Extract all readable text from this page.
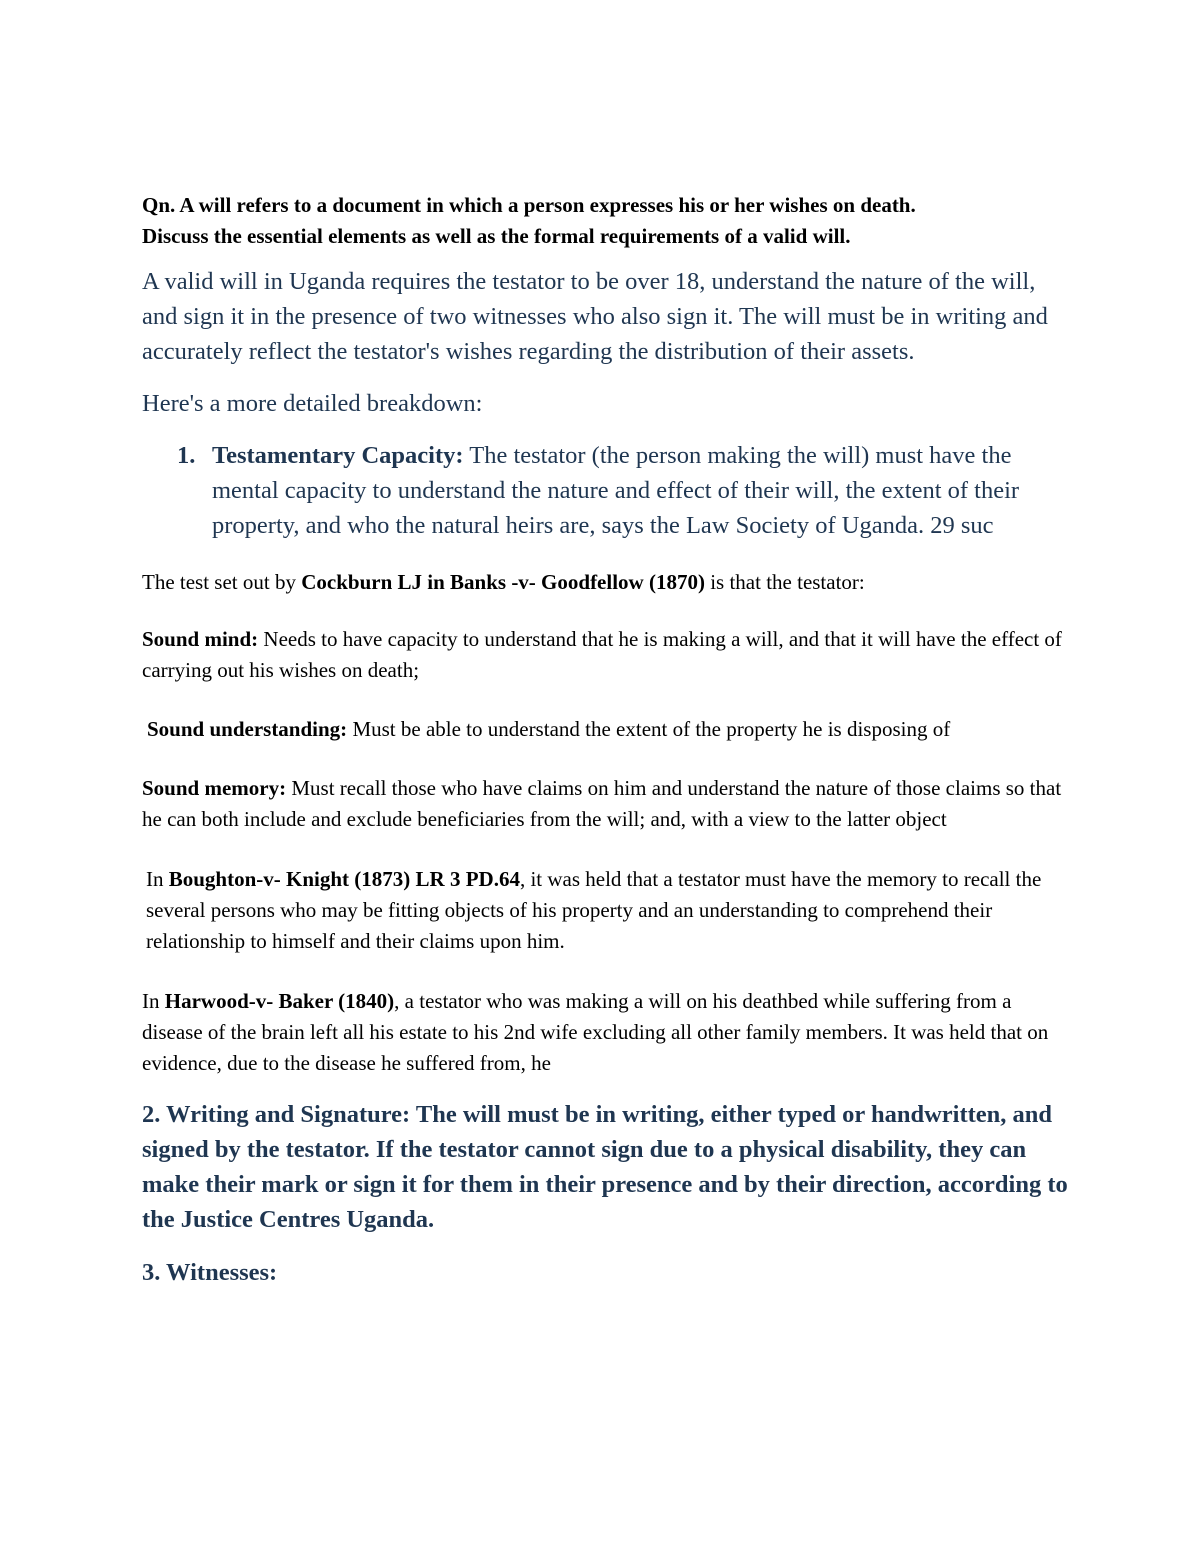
Qn. A will refers to a document in which a person expresses his or her wishes on death.
Discuss the essential elements as well as the formal requirements of a valid will.

A valid will in Uganda requires the testator to be over 18, understand the nature of the will, and sign it in the presence of two witnesses who also sign it. The will must be in writing and accurately reflect the testator's wishes regarding the distribution of their assets.

Here's a more detailed breakdown:

1. Testamentary Capacity: The testator (the person making the will) must have the mental capacity to understand the nature and effect of their will, the extent of their property, and who the natural heirs are, says the Law Society of Uganda. 29 suc

The test set out by Cockburn LJ in Banks -v- Goodfellow (1870) is that the testator:

Sound mind: Needs to have capacity to understand that he is making a will, and that it will have the effect of carrying out his wishes on death;

Sound understanding: Must be able to understand the extent of the property he is disposing of

Sound memory: Must recall those who have claims on him and understand the nature of those claims so that he can both include and exclude beneficiaries from the will; and, with a view to the latter object

In Boughton-v- Knight (1873) LR 3 PD.64, it was held that a testator must have the memory to recall the several persons who may be fitting objects of his property and an understanding to comprehend their relationship to himself and their claims upon him.

In Harwood-v- Baker (1840), a testator who was making a will on his deathbed while suffering from a disease of the brain left all his estate to his 2nd wife excluding all other family members. It was held that on evidence, due to the disease he suffered from, he

2. Writing and Signature: The will must be in writing, either typed or handwritten, and signed by the testator. If the testator cannot sign due to a physical disability, they can make their mark or sign it for them in their presence and by their direction, according to the Justice Centres Uganda.

3. Witnesses:
